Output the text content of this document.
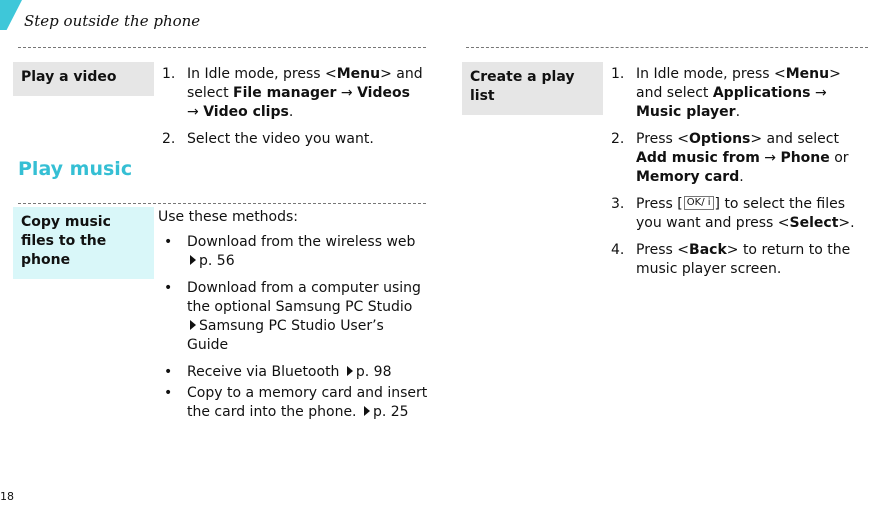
Step outside the phone
Play a video	1. In Idle mode, press <Menu> and select File manager → Videos → Video clips.
2. Select the video you want.
Play music
Copy music files to the phone
Use these methods:
• Download from the wireless web p. 56
• Download from a computer using the optional Samsung PC Studio Samsung PC Studio User’s Guide
• Receive via Bluetooth p. 98
• Copy to a memory card and insert the card into the phone. p. 25
Create a play list
1. In Idle mode, press <Menu> and select Applications → Music player.
2. Press <Options> and select Add music from → Phone or Memory card.
3. Press [ OK/ i ] to select the files you want and press <Select>.
4. Press <Back> to return to the music player screen.
18
